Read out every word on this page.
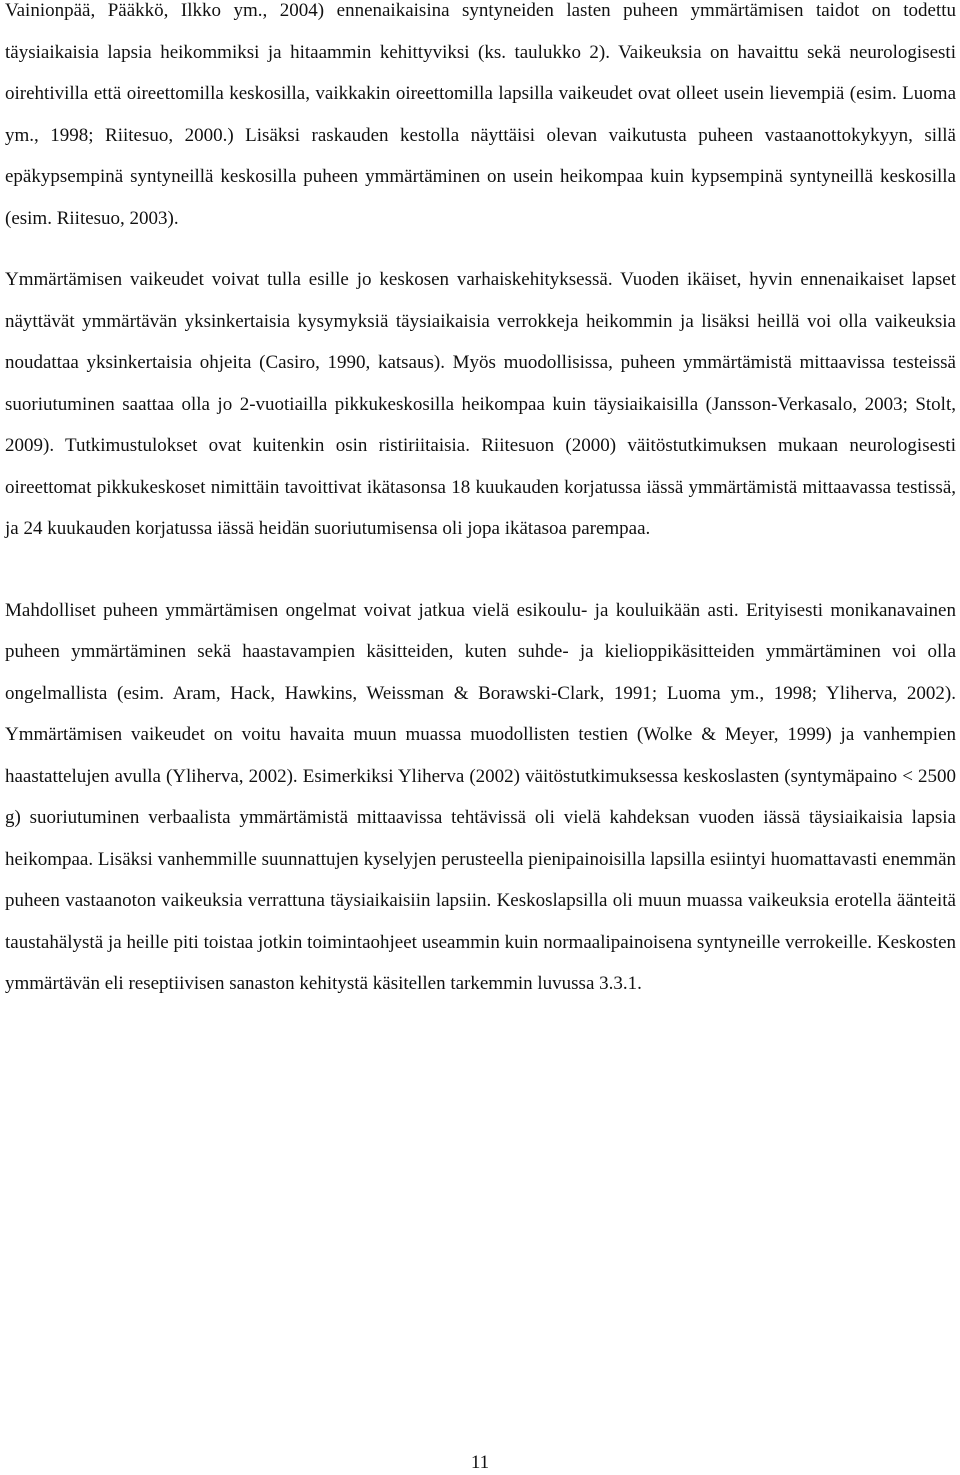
Vainionpää, Pääkkö, Ilkko ym., 2004) ennenaikaisina syntyneiden lasten puheen ymmärtämisen taidot on todettu täysiaikaisia lapsia heikommiksi ja hitaammin kehittyviksi (ks. taulukko 2). Vaikeuksia on havaittu sekä neurologisesti oirehtivilla että oireettomilla keskosilla, vaikkakin oireettomilla lapsilla vaikeudet ovat olleet usein lievempiä (esim. Luoma ym., 1998; Riitesuo, 2000.) Lisäksi raskauden kestolla näyttäisi olevan vaikutusta puheen vastaanottokykyyn, sillä epäkypsempinä syntyneillä keskosilla puheen ymmärtäminen on usein heikompaa kuin kypsempinä syntyneillä keskosilla (esim. Riitesuo, 2003).

Ymmärtämisen vaikeudet voivat tulla esille jo keskosen varhaiskehityksessä. Vuoden ikäiset, hyvin ennenaikaiset lapset näyttävät ymmärtävän yksinkertaisia kysymyksiä täysiaikaisia verrokkeja heikommin ja lisäksi heillä voi olla vaikeuksia noudattaa yksinkertaisia ohjeita (Casiro, 1990, katsaus). Myös muodollisissa, puheen ymmärtämistä mittaavissa testeissä suoriutuminen saattaa olla jo 2-vuotiailla pikkukeskosilla heikompaa kuin täysiaikaisilla (Jansson-Verkasalo, 2003; Stolt, 2009). Tutkimustulokset ovat kuitenkin osin ristiriitaisia. Riitesuon (2000) väitöstutkimuksen mukaan neurologisesti oireettomat pikkukeskoset nimittäin tavoittivat ikätasonsa 18 kuukauden korjatussa iässä ymmärtämistä mittaavassa testissä, ja 24 kuukauden korjatussa iässä heidän suoriutumisensa oli jopa ikätasoa parempaa.

Mahdolliset puheen ymmärtämisen ongelmat voivat jatkua vielä esikoulu- ja kouluikään asti. Erityisesti monikanavainen puheen ymmärtäminen sekä haastavampien käsitteiden, kuten suhde- ja kielioppikäsitteiden ymmärtäminen voi olla ongelmallista (esim. Aram, Hack, Hawkins, Weissman & Borawski-Clark, 1991; Luoma ym., 1998; Yliherva, 2002). Ymmärtämisen vaikeudet on voitu havaita muun muassa muodollisten testien (Wolke & Meyer, 1999) ja vanhempien haastattelujen avulla (Yliherva, 2002). Esimerkiksi Yliherva (2002) väitöstutkimuksessa keskoslasten (syntymäpaino < 2500 g) suoriutuminen verbaalista ymmärtämistä mittaavissa tehtävissä oli vielä kahdeksan vuoden iässä täysiaikaisia lapsia heikompaa. Lisäksi vanhemmille suunnattujen kyselyjen perusteella pienipainoisilla lapsilla esiintyi huomattavasti enemmän puheen vastaanoton vaikeuksia verrattuna täysiaikaisiin lapsiin. Keskoslapsilla oli muun muassa vaikeuksia erotella äänteitä taustahälystä ja heille piti toistaa jotkin toimintaohjeet useammin kuin normaalipainoisena syntyneille verrokeille. Keskosten ymmärtävän eli reseptiivisen sanaston kehitystä käsitellen tarkemmin luvussa 3.3.1.

11
